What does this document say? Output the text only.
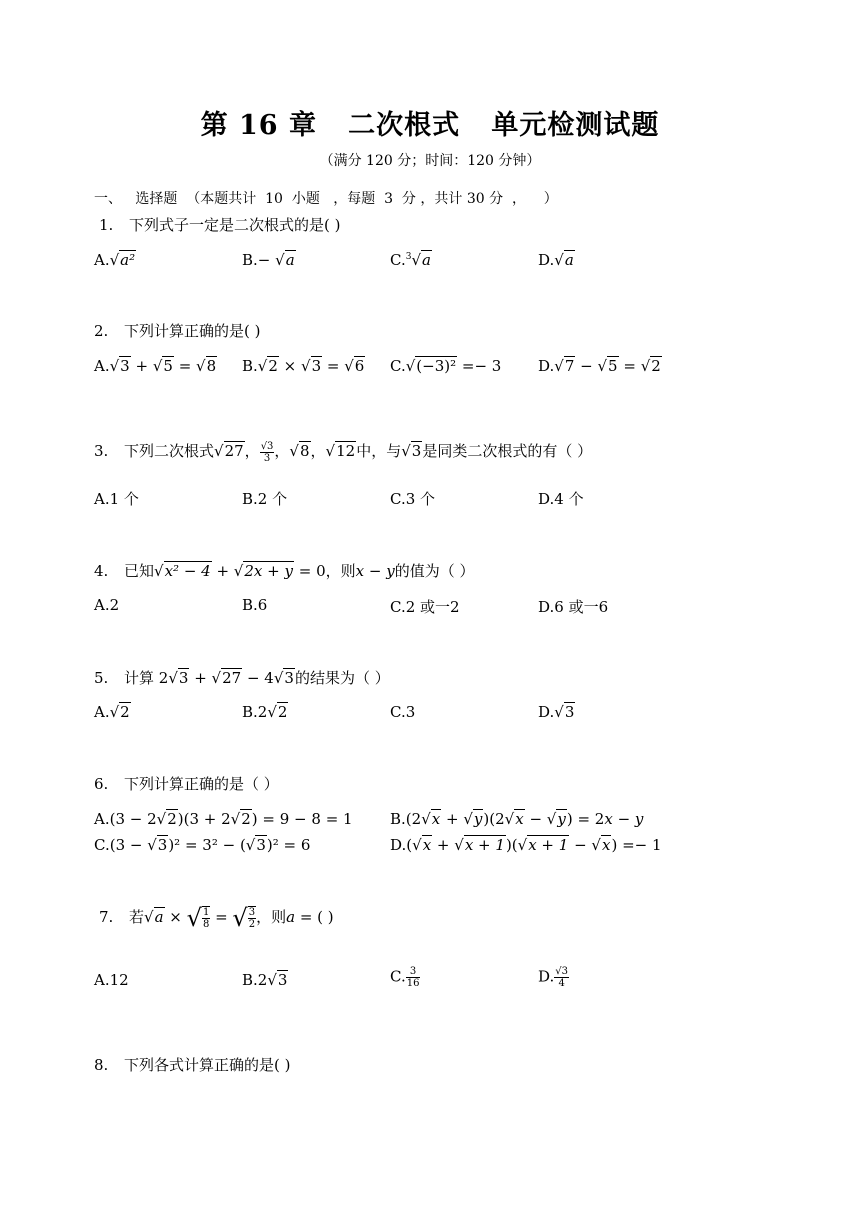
第 16 章   二次根式   单元检测试题
（满分 120 分；时间：120 分钟）
一、   选择题  （本题共计  10  小题   ，每题  3  分 ，共计 30 分  ，    ）
1. 下列式子一定是二次根式的是( )
A.√a²	B.− √a	C.$^3$√a	D.√a
2. 下列计算正确的是( )
A.√3 + √5 = √8 B.√2 × √3 = √6 C.√(−3)² =− 3 D.√7 − √5 = √2
3. 下列二次根式√27， $\frac{√3}{3}$ ，√8，√12中，与√3是同类二次根式的有（ ）
A.1 个	B.2 个	C.3 个	D.4 个
4. 已知√x² − 4 + √2x + y = 0，则x − y的值为（ ）
A.2	B.6	C.2 或一2	D.6 或一6
5. 计算 2√3 + √27 − 4√3的结果为（ ）
A.√2	B.2√2	C.3	D.√3
6. 下列计算正确的是（ ）
A.(3 − 2√2)(3 + 2√2) = 9 − 8 = 1 B.(2√x + √y)(2√x − √y) = 2x − y
C.(3 − √3)² = 3² − (√3)² = 6	D.(√x + √x + 1)(√x + 1 − √x) =− 1
7. 若√a × √ $\frac{1}{8}$ = √ $\frac{3}{2}$ ，则a = ( )
A.12	B.2√3	C. $\frac{3}{16}$	D. $\frac{√3}{4}$
8. 下列各式计算正确的是( )
